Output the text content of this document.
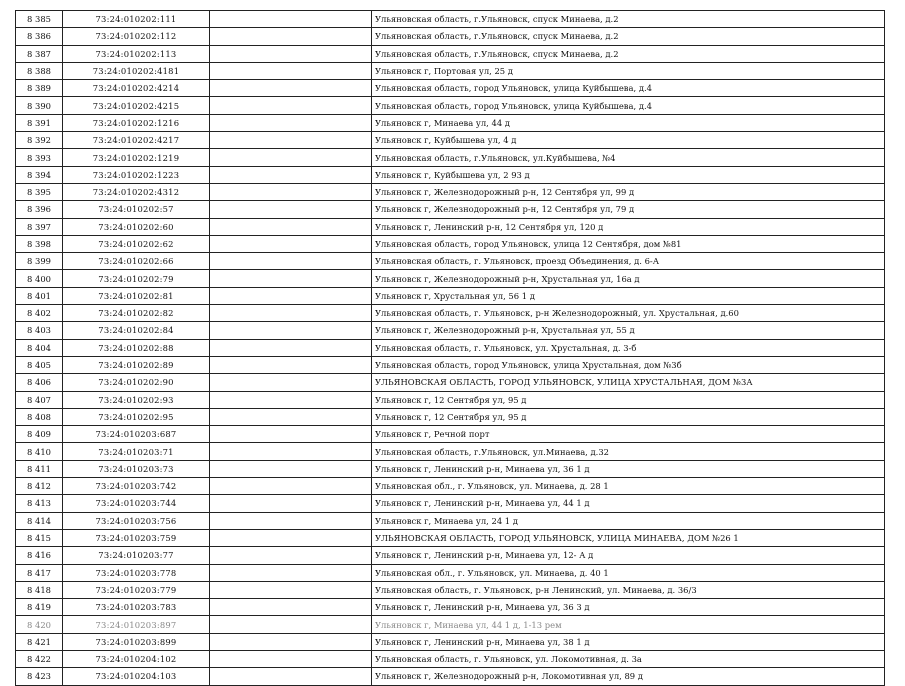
8 385	73:24:010202:111		Ульяновская область, г.Ульяновск, спуск Минаева, д.2
8 386	73:24:010202:112		Ульяновская область, г.Ульяновск, спуск Минаева, д.2
8 387	73:24:010202:113		Ульяновская область, г.Ульяновск, спуск Минаева, д.2
8 388	73:24:010202:4181		Ульяновск г, Портовая ул, 25 д
8 389	73:24:010202:4214		Ульяновская область, город Ульяновск, улица Куйбышева, д.4
8 390	73:24:010202:4215		Ульяновская область, город Ульяновск, улица Куйбышева, д.4
8 391	73:24:010202:1216		Ульяновск г, Минаева ул, 44 д
8 392	73:24:010202:4217		Ульяновск г, Куйбышева ул, 4 д
8 393	73:24:010202:1219		Ульяновская область, г.Ульяновск, ул.Куйбышева, №4
8 394	73:24:010202:1223		Ульяновск г, Куйбышева ул, 2 93 д
8 395	73:24:010202:4312		Ульяновск г, Железнодорожный р-н, 12 Сентября ул, 99 д
8 396	73:24:010202:57		Ульяновск г, Железнодорожный р-н, 12 Сентября ул, 79 д
8 397	73:24:010202:60		Ульяновск г, Ленинский р-н, 12 Сентября ул, 120 д
8 398	73:24:010202:62		Ульяновская область, город Ульяновск, улица 12 Сентября, дом №81
8 399	73:24:010202:66		Ульяновская область, г. Ульяновск, проезд Объединения, д. 6-А
8 400	73:24:010202:79		Ульяновск г, Железнодорожный р-н, Хрустальная ул, 16а д
8 401	73:24:010202:81		Ульяновск г, Хрустальная ул, 56 1 д
8 402	73:24:010202:82		Ульяновская область, г. Ульяновск, р-н Железнодорожный, ул. Хрустальная, д.60
8 403	73:24:010202:84		Ульяновск г, Железнодорожный р-н, Хрустальная ул, 55 д
8 404	73:24:010202:88		Ульяновская область, г. Ульяновск, ул. Хрустальная, д. 3-б
8 405	73:24:010202:89		Ульяновская область, город Ульяновск, улица Хрустальная, дом №3б
8 406	73:24:010202:90		УЛЬЯНОВСКАЯ ОБЛАСТЬ, ГОРОД УЛЬЯНОВСК, УЛИЦА ХРУСТАЛЬНАЯ, ДОМ №3А
8 407	73:24:010202:93		Ульяновск г, 12 Сентября ул, 95 д
8 408	73:24:010202:95		Ульяновск г, 12 Сентября ул, 95 д
8 409	73:24:010203:687		Ульяновск г, Речной порт
8 410	73:24:010203:71		Ульяновская область, г.Ульяновск, ул.Минаева, д.32
8 411	73:24:010203:73		Ульяновск г, Ленинский р-н, Минаева ул, 36 1 д
8 412	73:24:010203:742		Ульяновская обл., г. Ульяновск, ул. Минаева, д. 28 1
8 413	73:24:010203:744		Ульяновск г, Ленинский р-н, Минаева ул, 44 1 д
8 414	73:24:010203:756		Ульяновск г, Минаева ул, 24 1 д
8 415	73:24:010203:759		УЛЬЯНОВСКАЯ ОБЛАСТЬ, ГОРОД УЛЬЯНОВСК, УЛИЦА МИНАЕВА, ДОМ №26 1
8 416	73:24:010203:77		Ульяновск г, Ленинский р-н, Минаева ул, 12- А д
8 417	73:24:010203:778		Ульяновская обл., г. Ульяновск, ул. Минаева, д. 40 1
8 418	73:24:010203:779		Ульяновская область, г. Ульяновск, р-н Ленинский, ул. Минаева, д. 36/3
8 419	73:24:010203:783		Ульяновск г, Ленинский р-н, Минаева ул, 36 3 д
8 420	73:24:010203:897		Ульяновск г, Минаева ул, 44 1 д, 1-13 рем
8 421	73:24:010203:899		Ульяновск г, Ленинский р-н, Минаева ул, 38 1 д
8 422	73:24:010204:102		Ульяновская область, г. Ульяновск, ул. Локомотивная, д. 3а
8 423	73:24:010204:103		Ульяновск г, Железнодорожный р-н, Локомотивная ул, 89 д
